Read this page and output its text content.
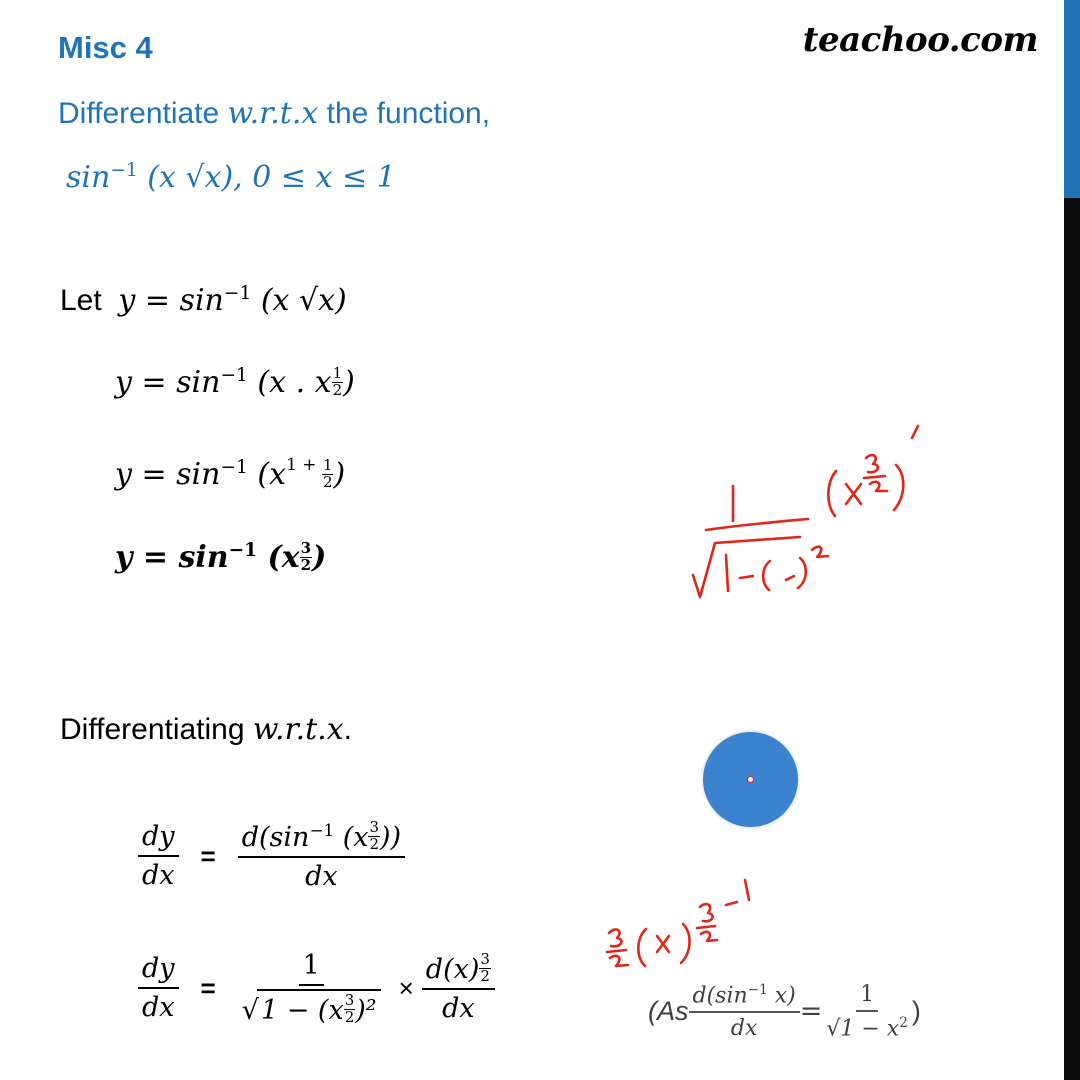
Misc 4	teachoo.com
Differentiate w.r.t.x the function,
$\sin^{-1} (x$ √x), 0 ≤ x ≤ 1
Let $y = \sin^{-1} (x$ √x)
$y = \sin^{-1} (x$ . x $\frac{1}{2}$ )
$y = \sin^{-1} (x^{1 +} \frac{1}{2}$ )
$y = \sin^{-1} (x \frac{3}{2}$ )
Differentiating w.r.t.x.
$\frac{dy}{dx} = \frac{d(\sin^{-1} (x \frac{3}{2} ))}{dx}$
$\frac{dy}{dx} = \frac{1}{√1 - (x \frac{3}{2} )^2} \times \frac{d(x) \frac{3}{2}}{dx}$	($As \frac{d(\sin^{-1} x)}{dx} = \frac{1}{√1 - x^2}$ )
